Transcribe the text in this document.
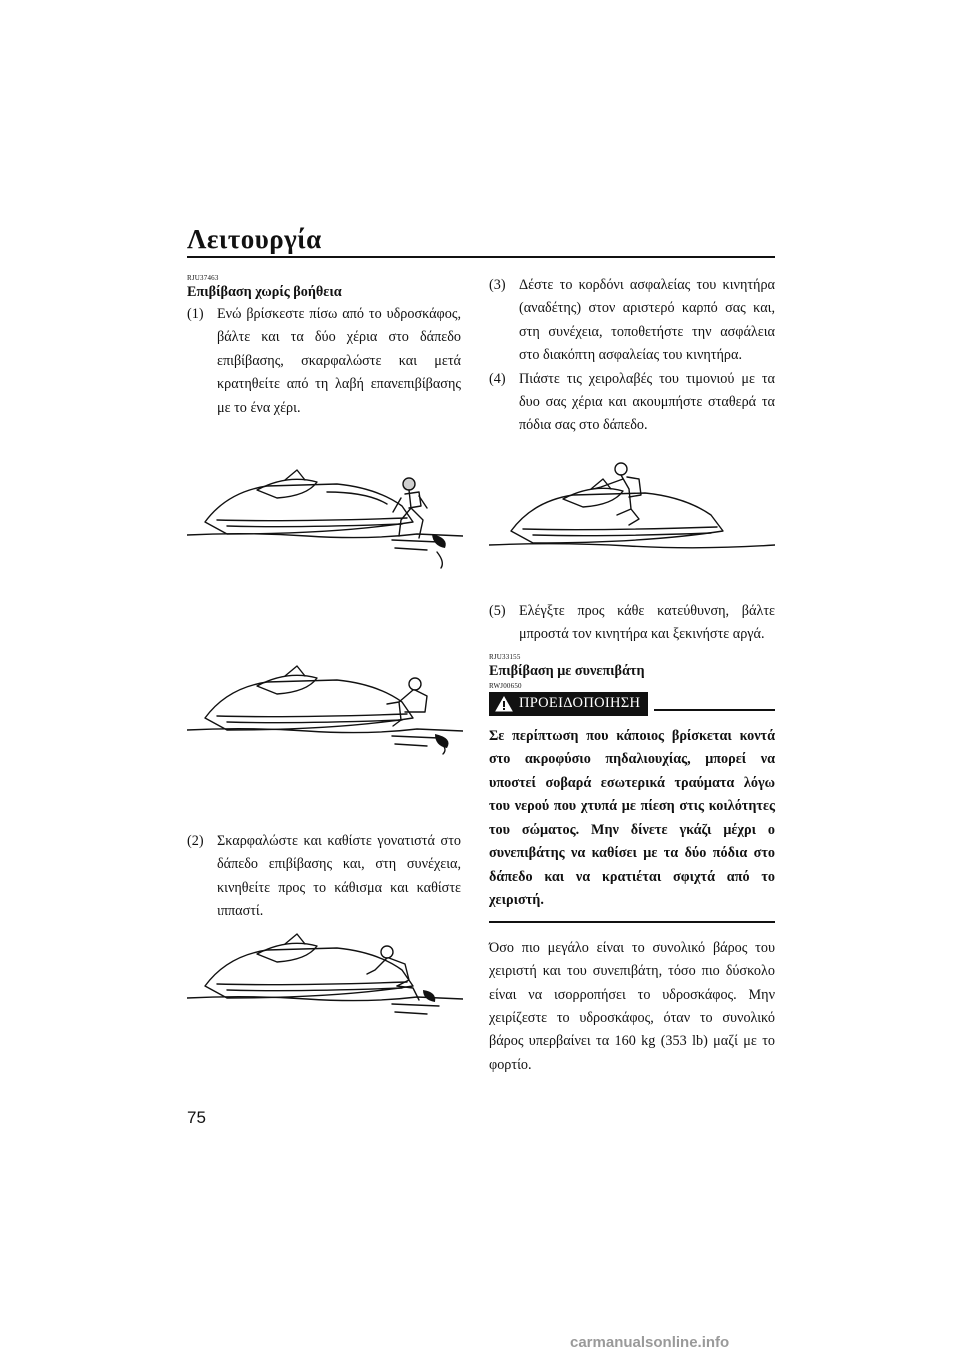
Λειτουργία
RJU37463
Επιβίβαση χωρίς βοήθεια
(1) Ενώ βρίσκεστε πίσω από το υδροσκάφος, βάλτε και τα δύο χέρια στο δάπεδο επιβίβασης, σκαρφαλώστε και μετά κρατηθείτε από τη λαβή επανεπιβίβασης με το ένα χέρι.
(2) Σκαρφαλώστε και καθίστε γονατιστά στο δάπεδο επιβίβασης και, στη συνέχεια, κινηθείτε προς το κάθισμα και καθίστε ιππαστί.
(3) Δέστε το κορδόνι ασφαλείας του κινητήρα (αναδέτης) στον αριστερό καρπό σας και, στη συνέχεια, τοποθετήστε την ασφάλεια στο διακόπτη ασφαλείας του κινητήρα.
(4) Πιάστε τις χειρολαβές του τιμονιού με τα δυο σας χέρια και ακουμπήστε σταθερά τα πόδια σας στο δάπεδο.
(5) Ελέγξτε προς κάθε κατεύθυνση, βάλτε μπροστά τον κινητήρα και ξεκινήστε αργά.
RJU33155
Επιβίβαση με συνεπιβάτη
RWJ00650
ΠΡΟΕΙΔΟΠΟΙΗΣΗ
Σε περίπτωση που κάποιος βρίσκεται κοντά στο ακροφύσιο πηδαλιουχίας, μπορεί να υποστεί σοβαρά εσωτερικά τραύματα λόγω του νερού που χτυπά με πίεση στις κοιλότητες του σώματος. Μην δίνετε γκάζι μέχρι ο συνεπιβάτης να καθίσει με τα δύο πόδια στο δάπεδο και να κρατιέται σφιχτά από το χειριστή.
Όσο πιο μεγάλο είναι το συνολικό βάρος του χειριστή και του συνεπιβάτη, τόσο πιο δύσκολο είναι να ισορροπήσει το υδροσκάφος. Μην χειρίζεστε το υδροσκάφος, όταν το συνολικό βάρος υπερβαίνει τα 160 kg (353 lb) μαζί με το φορτίο.
75
carmanualsonline.info
